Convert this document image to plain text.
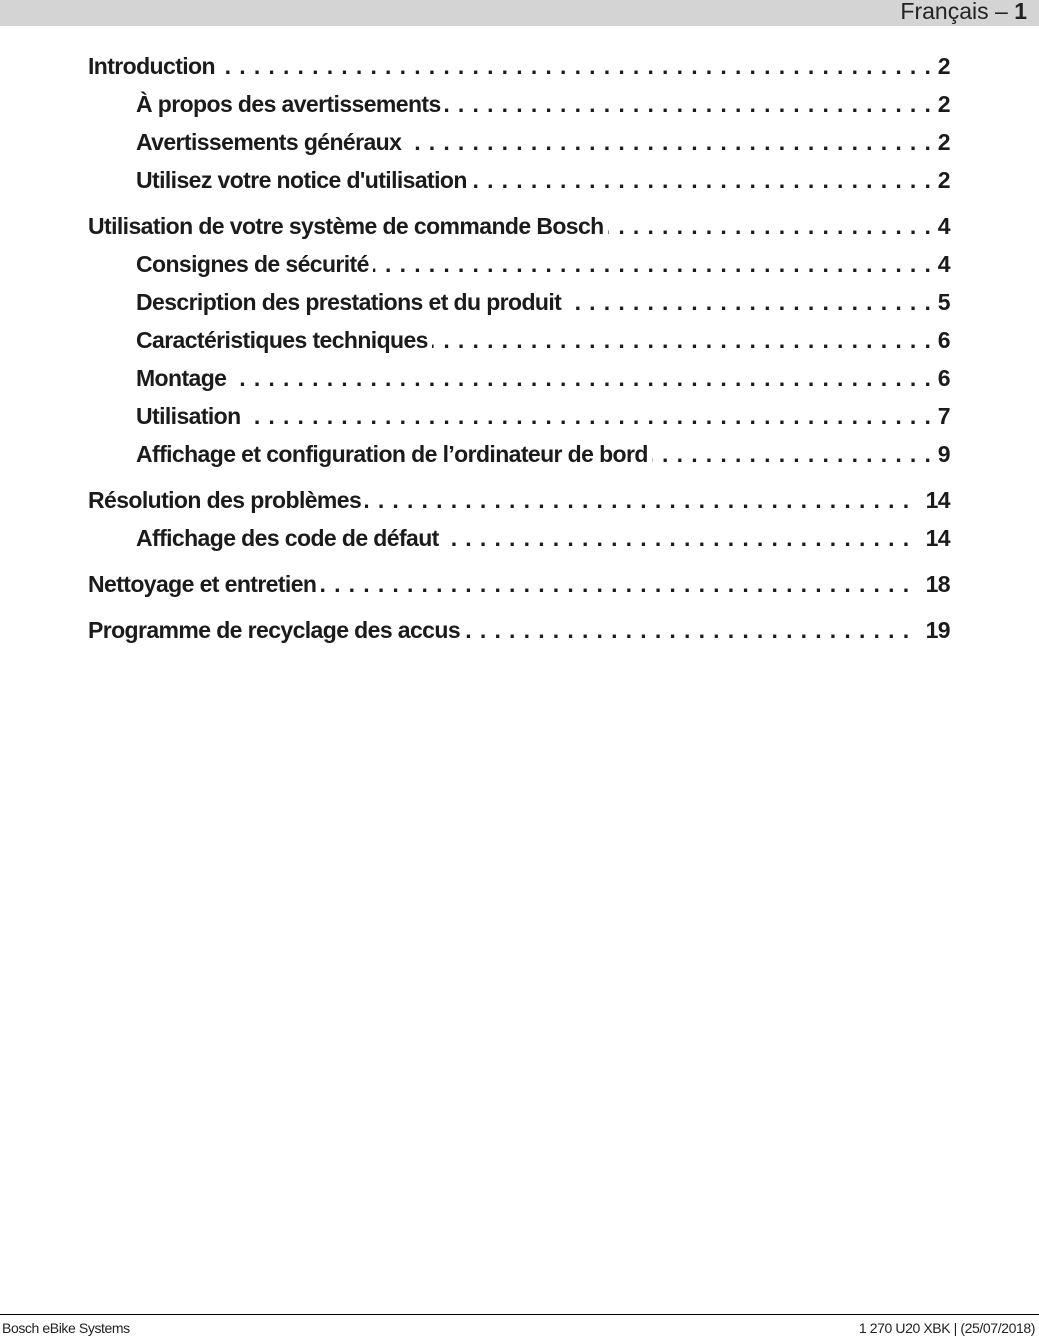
Français – 1
Introduction . . .	2
À propos des avertissements . . .	2
Avertissements généraux . . .	2
Utilisez votre notice d'utilisation . . .	2
Utilisation de votre système de commande Bosch . . .	4
Consignes de sécurité . . .	4
Description des prestations et du produit . . .	5
Caractéristiques techniques . . .	6
Montage . . .	6
Utilisation . . .	7
Affichage et configuration de l’ordinateur de bord . . .	9
Résolution des problèmes . . .	14
Affichage des code de défaut . . .	14
Nettoyage et entretien . . .	18
Programme de recyclage des accus . . .	19
Bosch eBike Systems	1 270 U20 XBK | (25/07/2018)
